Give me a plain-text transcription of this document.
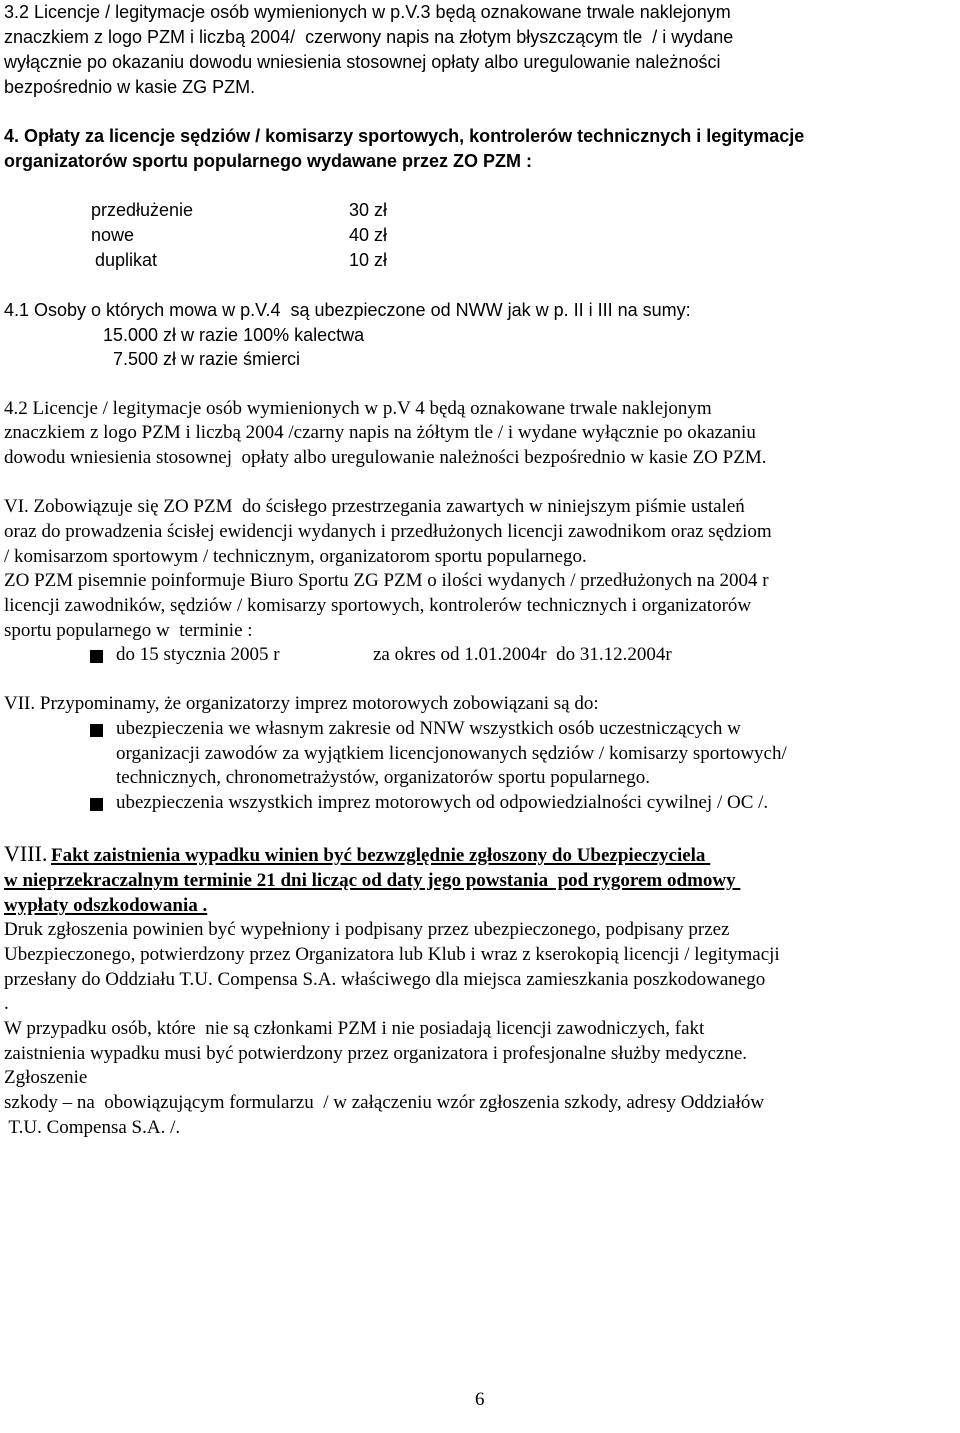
3.2 Licencje / legitymacje osób wymienionych w p.V.3 będą oznakowane trwale naklejonym
znaczkiem z logo PZM i liczbą 2004/  czerwony napis na złotym błyszczącym tle  / i wydane
wyłącznie po okazaniu dowodu wniesienia stosownej opłaty albo uregulowanie należności
bezpośrednio w kasie ZG PZM.
4. Opłaty za licencje sędziów / komisarzy sportowych, kontrolerów technicznych i legitymacje
organizatorów sportu popularnego wydawane przez ZO PZM :
przedłużenie	30 zł
nowe	40 zł
duplikat	10 zł
4.1 Osoby o których mowa w p.V.4  są ubezpieczone od NWW jak w p. II i III na sumy:
15.000 zł w razie 100% kalectwa
7.500 zł w razie śmierci
4.2 Licencje / legitymacje osób wymienionych w p.V 4 będą oznakowane trwale naklejonym
znaczkiem z logo PZM i liczbą 2004 /czarny napis na żółtym tle / i wydane wyłącznie po okazaniu
dowodu wniesienia stosownej  opłaty albo uregulowanie należności bezpośrednio w kasie ZO PZM.
VI. Zobowiązuje się ZO PZM  do ścisłego przestrzegania zawartych w niniejszym piśmie ustaleń
oraz do prowadzenia ścisłej ewidencji wydanych i przedłużonych licencji zawodnikom oraz sędziom
/ komisarzom sportowym / technicznym, organizatorom sportu popularnego.
ZO PZM pisemnie poinformuje Biuro Sportu ZG PZM o ilości wydanych / przedłużonych na 2004 r
licencji zawodników, sędziów / komisarzy sportowych, kontrolerów technicznych i organizatorów
sportu popularnego w  terminie :
do 15 stycznia 2005 r	za okres od 1.01.2004r  do 31.12.2004r
VII. Przypominamy, że organizatorzy imprez motorowych zobowiązani są do:
ubezpieczenia we własnym zakresie od NNW wszystkich osób uczestniczących w
organizacji zawodów za wyjątkiem licencjonowanych sędziów / komisarzy sportowych/
technicznych, chronometrażystów, organizatorów sportu popularnego.
ubezpieczenia wszystkich imprez motorowych od odpowiedzialności cywilnej / OC /.
VIII. Fakt zaistnienia wypadku winien być bezwzględnie zgłoszony do Ubezpieczyciela
w nieprzekraczalnym terminie 21 dni licząc od daty jego powstania  pod rygorem odmowy
wypłaty odszkodowania .
Druk zgłoszenia powinien być wypełniony i podpisany przez ubezpieczonego, podpisany przez
Ubezpieczonego, potwierdzony przez Organizatora lub Klub i wraz z kserokopią licencji / legitymacji
przesłany do Oddziału T.U. Compensa S.A. właściwego dla miejsca zamieszkania poszkodowanego
.
W przypadku osób, które  nie są członkami PZM i nie posiadają licencji zawodniczych, fakt
zaistnienia wypadku musi być potwierdzony przez organizatora i profesjonalne służby medyczne.
Zgłoszenie
szkody – na  obowiązującym formularzu  / w załączeniu wzór zgłoszenia szkody, adresy Oddziałów
T.U. Compensa S.A. /.
6
